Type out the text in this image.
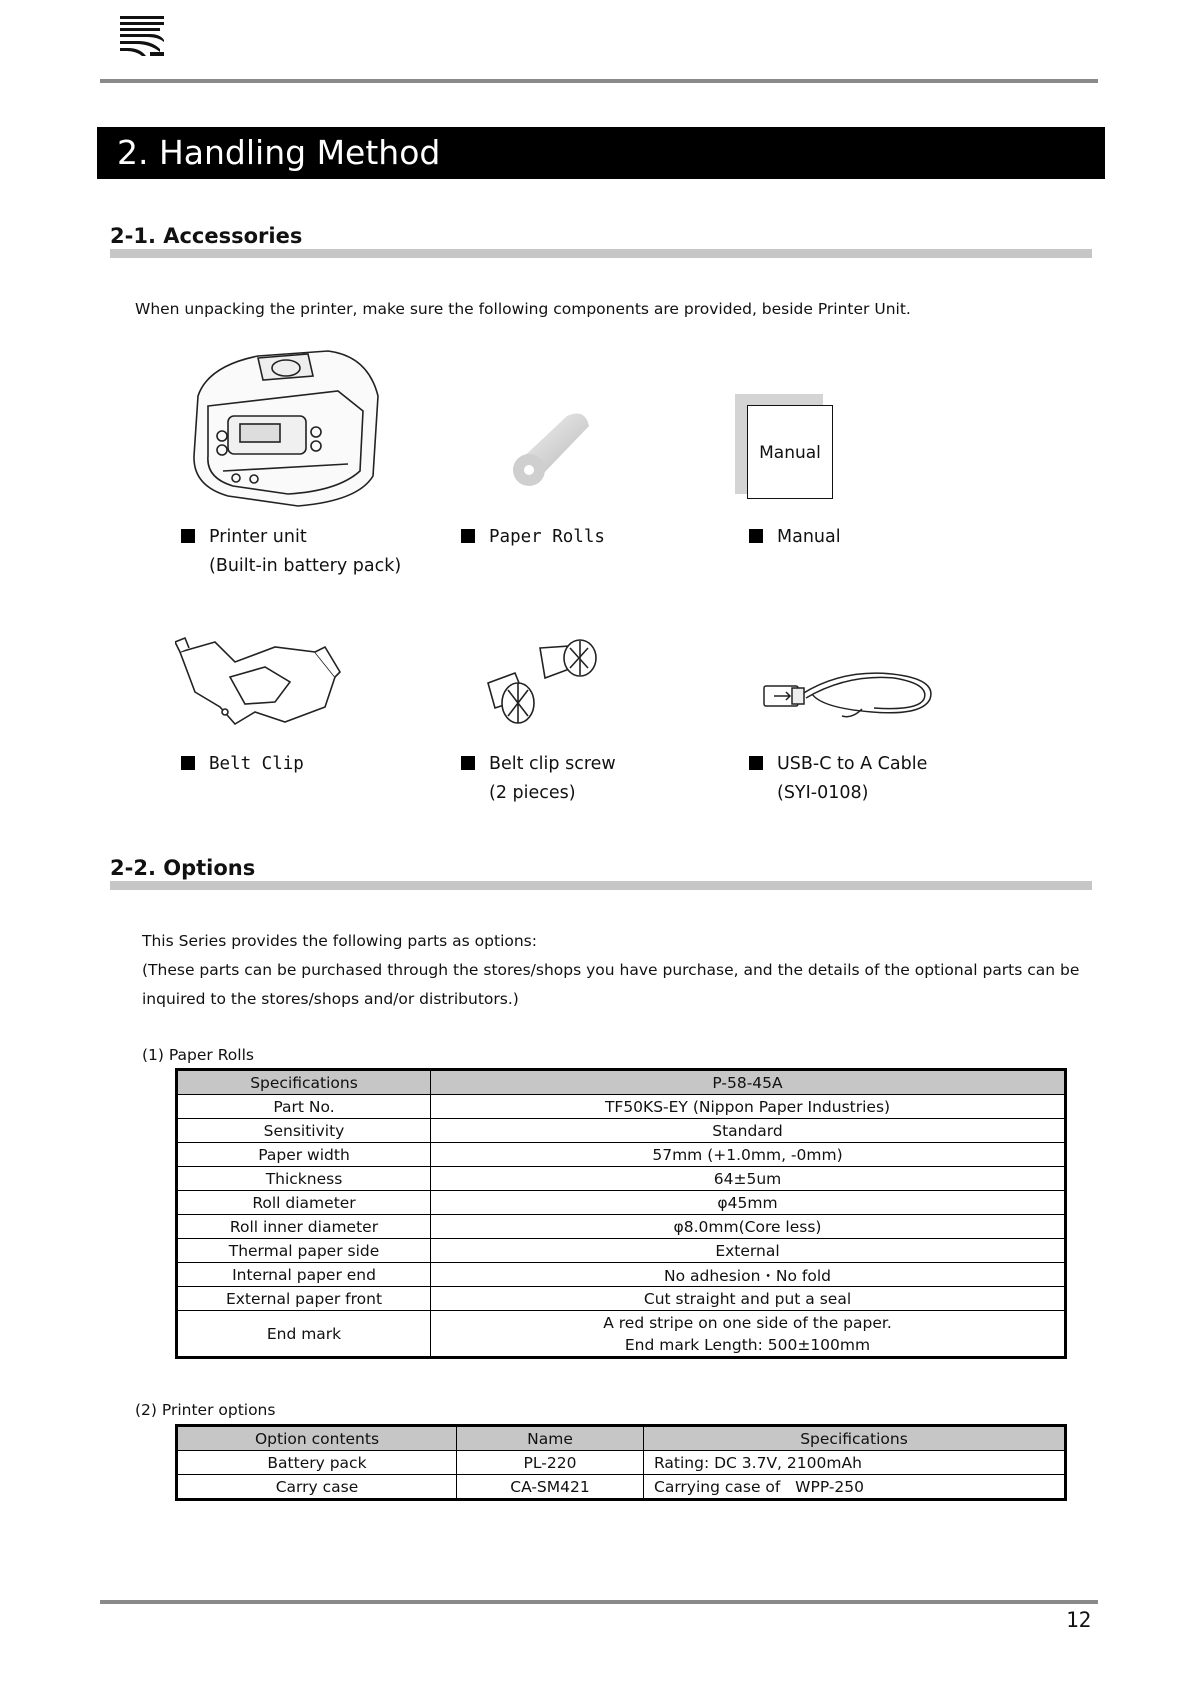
2. Handling Method
2-1. Accessories
When unpacking the printer, make sure the following components are provided, beside Printer Unit.
Manual
Printer unit
(Built-in battery pack)
Paper Rolls	Manual
Belt Clip	Belt clip screw
(2 pieces)
USB-C to A Cable
(SYI-0108)
2-2. Options
This Series provides the following parts as options:
(These parts can be purchased through the stores/shops you have purchase, and the details of the optional parts can be
inquired to the stores/shops and/or distributors.)
(1) Paper Rolls
Specifications	P-58-45A
Part No.	TF50KS-EY (Nippon Paper Industries)
Sensitivity	Standard
Paper width	57mm (+1.0mm, -0mm)
Thickness	64±5um
Roll diameter	φ45mm
Roll inner diameter	φ8.0mm(Core less)
Thermal paper side	External
Internal paper end	No adhesion・No fold
External paper front	Cut straight and put a seal
End mark	A red stripe on one side of the paper.
End mark Length: 500±100mm
(2) Printer options
Option contents	Name	Specifications
Battery pack	PL-220	Rating: DC 3.7V, 2100mAh
Carry case	CA-SM421	Carrying case of   WPP-250
12
